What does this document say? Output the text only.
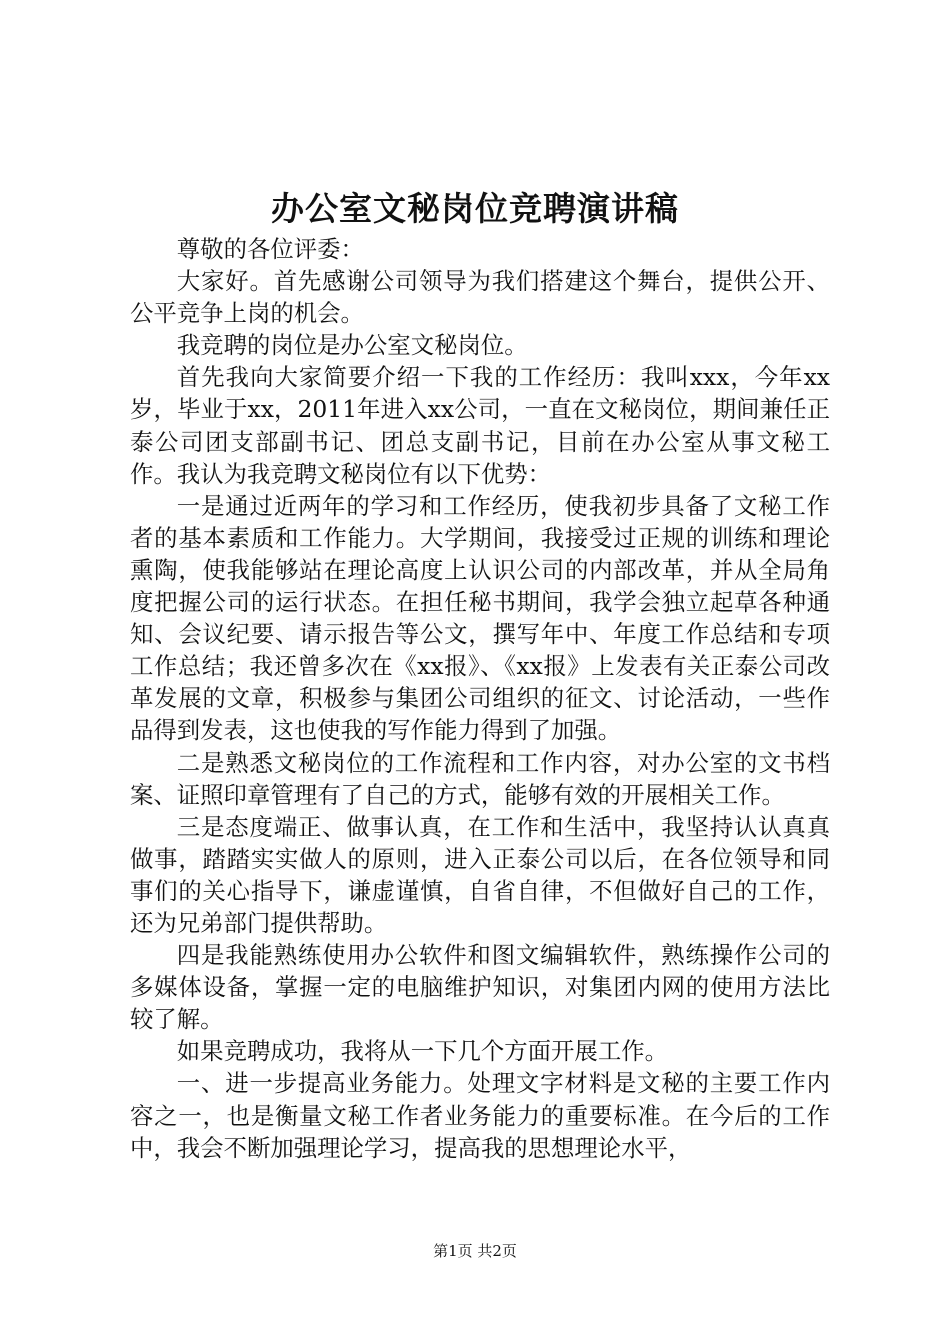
办公室文秘岗位竞聘演讲稿

尊敬的各位评委：

大家好。首先感谢公司领导为我们搭建这个舞台，提供公开、公平竞争上岗的机会。

我竞聘的岗位是办公室文秘岗位。

首先我向大家简要介绍一下我的工作经历：我叫xxx，今年xx岁，毕业于xx，2011年进入xx公司，一直在文秘岗位，期间兼任正泰公司团支部副书记、团总支副书记，目前在办公室从事文秘工作。我认为我竞聘文秘岗位有以下优势：

一是通过近两年的学习和工作经历，使我初步具备了文秘工作者的基本素质和工作能力。大学期间，我接受过正规的训练和理论熏陶，使我能够站在理论高度上认识公司的内部改革，并从全局角度把握公司的运行状态。在担任秘书期间，我学会独立起草各种通知、会议纪要、请示报告等公文，撰写年中、年度工作总结和专项工作总结；我还曾多次在《xx报》、《xx报》上发表有关正泰公司改革发展的文章，积极参与集团公司组织的征文、讨论活动，一些作品得到发表，这也使我的写作能力得到了加强。

二是熟悉文秘岗位的工作流程和工作内容，对办公室的文书档案、证照印章管理有了自己的方式，能够有效的开展相关工作。

三是态度端正、做事认真，在工作和生活中，我坚持认认真真做事，踏踏实实做人的原则，进入正泰公司以后，在各位领导和同事们的关心指导下，谦虚谨慎，自省自律，不但做好自己的工作，还为兄弟部门提供帮助。

四是我能熟练使用办公软件和图文编辑软件，熟练操作公司的多媒体设备，掌握一定的电脑维护知识，对集团内网的使用方法比较了解。

如果竞聘成功，我将从一下几个方面开展工作。

一、进一步提高业务能力。处理文字材料是文秘的主要工作内容之一，也是衡量文秘工作者业务能力的重要标准。在今后的工作中，我会不断加强理论学习，提高我的思想理论水平，

第1页 共2页
